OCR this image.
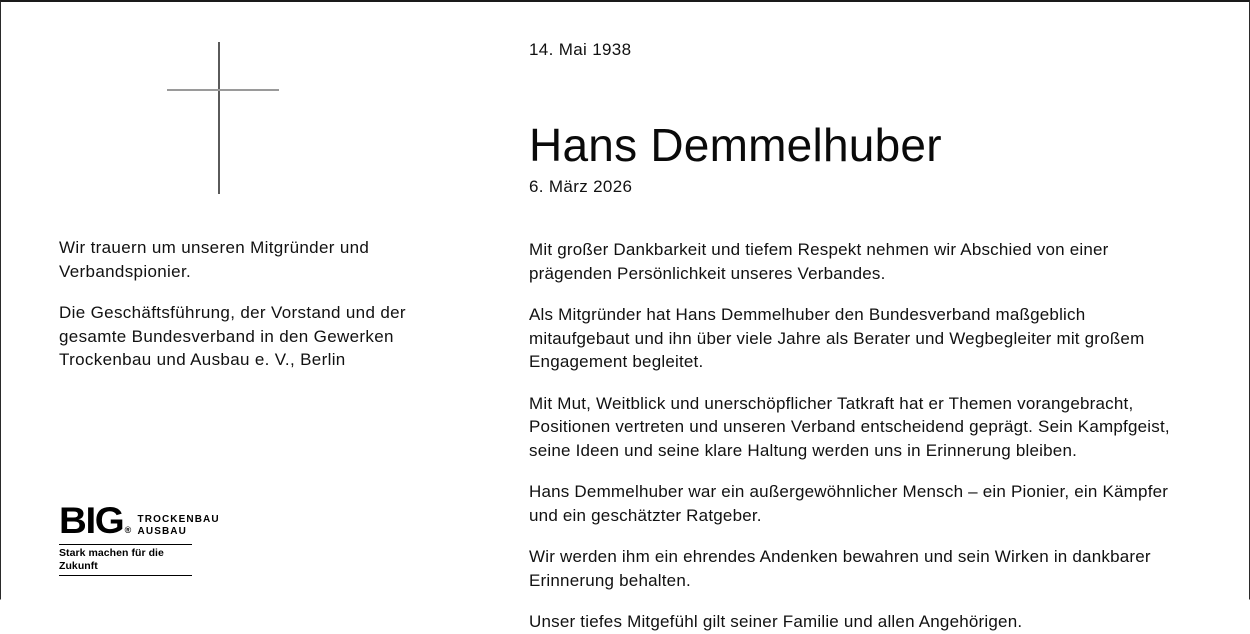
Wir trauern um unseren Mitgründer und Verbandspionier.

Die Geschäftsführung, der Vorstand und der gesamte Bundesverband in den Gewerken Trockenbau und Ausbau e. V., Berlin

BIG®
TROCKENBAU
AUSBAU
Stark machen für die Zukunft
14. Mai 1938
Hans Demmelhuber
6. März 2026

Mit großer Dankbarkeit und tiefem Respekt nehmen wir Abschied von einer prägenden Persönlichkeit unseres Verbandes.

Als Mitgründer hat Hans Demmelhuber den Bundesverband maßgeblich mitaufgebaut und ihn über viele Jahre als Berater und Wegbegleiter mit großem Engagement begleitet.

Mit Mut, Weitblick und unerschöpflicher Tatkraft hat er Themen vorangebracht, Positionen vertreten und unseren Verband entscheidend geprägt. Sein Kampfgeist, seine Ideen und seine klare Haltung werden uns in Erinnerung bleiben.

Hans Demmelhuber war ein außergewöhnlicher Mensch – ein Pionier, ein Kämpfer und ein geschätzter Ratgeber.

Wir werden ihm ein ehrendes Andenken bewahren und sein Wirken in dankbarer Erinnerung behalten.

Unser tiefes Mitgefühl gilt seiner Familie und allen Angehörigen.
